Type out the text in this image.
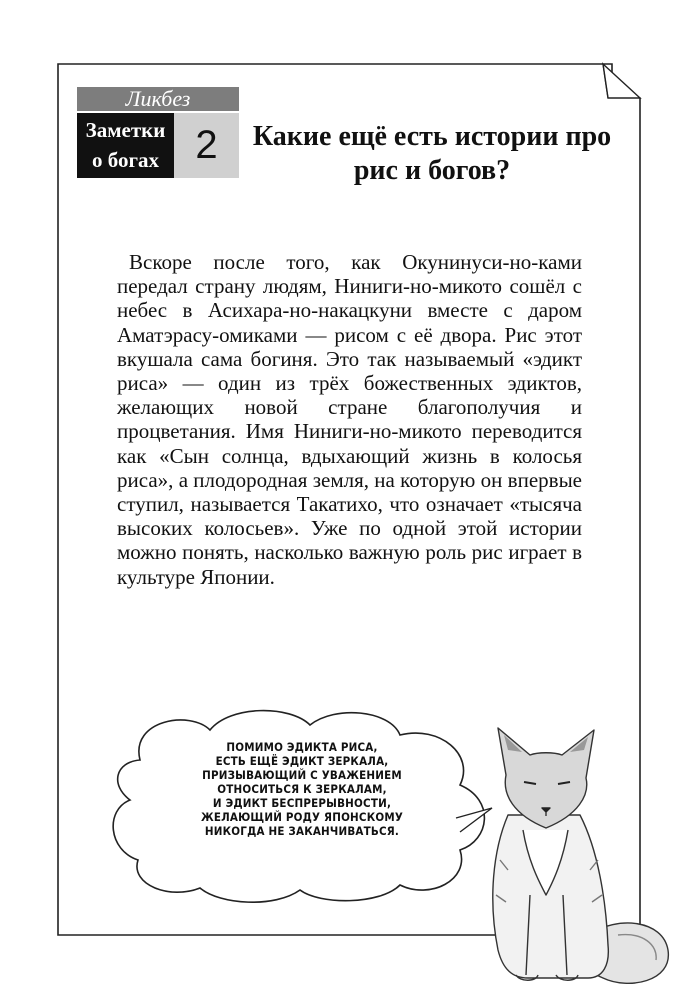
Ликбез
Заметки
о богах 2	Какие ещё есть истории про рис и богов?
Вскоре после того, как Окунинуси-но-ками передал страну людям, Ниниги-но-микото сошёл с небес в Асихара-но-накацкуни вместе с даром Аматэрасу-омиками — рисом с её двора. Рис этот вкушала сама богиня. Это так называемый «эдикт риса» — один из трёх божественных эдиктов, желающих новой стране благополучия и процветания. Имя Ниниги-но-микото переводится как «Сын солнца, вдыхающий жизнь в колосья риса», а плодородная земля, на которую он впервые ступил, называется Такатихо, что означает «тысяча высоких колосьев». Уже по одной этой истории можно понять, насколько важную роль рис играет в культуре Японии.
ПОМИМО ЭДИКТА РИСА,
ЕСТЬ ЕЩЁ ЭДИКТ ЗЕРКАЛА,
ПРИЗЫВАЮЩИЙ С УВАЖЕНИЕМ
ОТНОСИТЬСЯ К ЗЕРКАЛАМ,
И ЭДИКТ БЕСПРЕРЫВНОСТИ,
ЖЕЛАЮЩИЙ РОДУ ЯПОНСКОМУ
НИКОГДА НЕ ЗАКАНЧИВАТЬСЯ.
